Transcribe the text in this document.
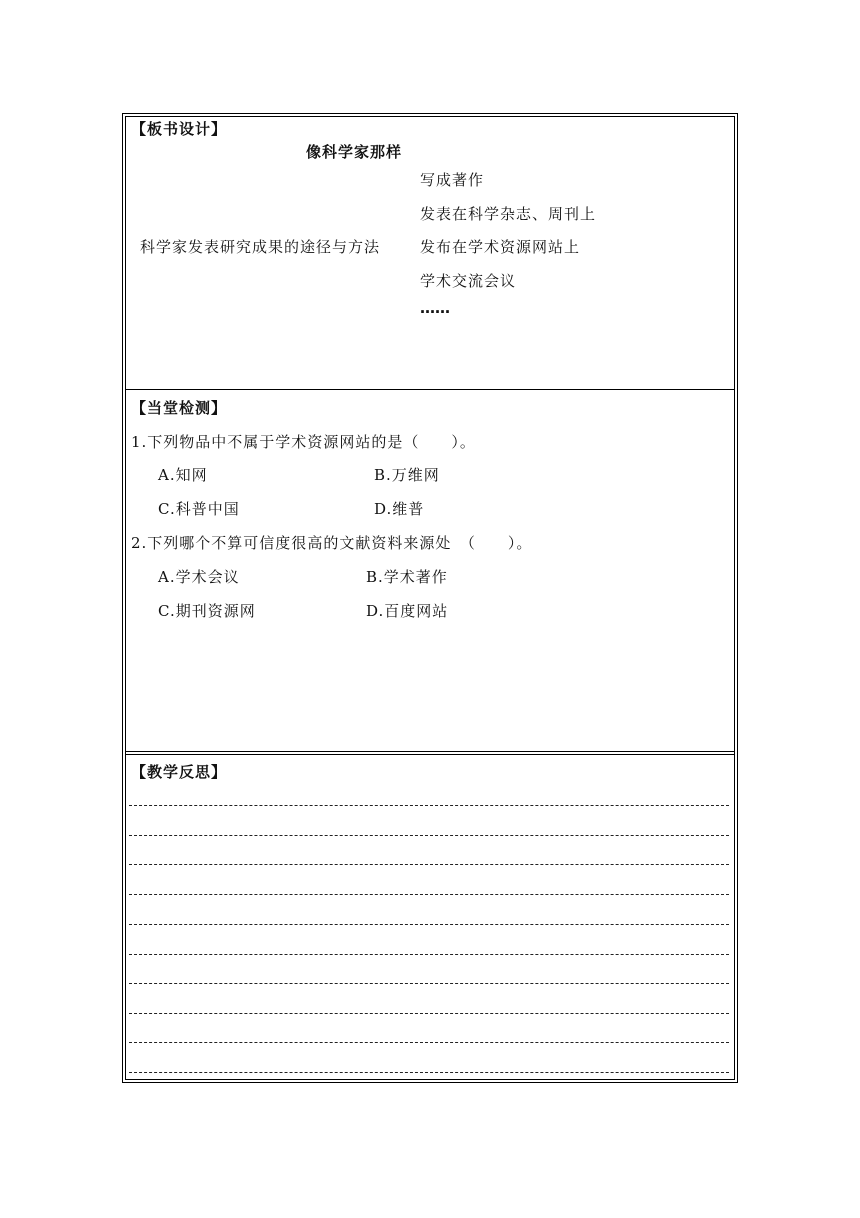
【板书设计】
像科学家那样
写成著作
发表在科学杂志、周刊上
科学家发表研究成果的途径与方法	发布在学术资源网站上
学术交流会议
……
【当堂检测】
1.下列物品中不属于学术资源网站的是（　　）。
A.知网	B.万维网
C.科普中国	D.维普
2.下列哪个不算可信度很高的文献资料来源处　（　　）。
A.学术会议	B.学术著作
C.期刊资源网	D.百度网站
【教学反思】
